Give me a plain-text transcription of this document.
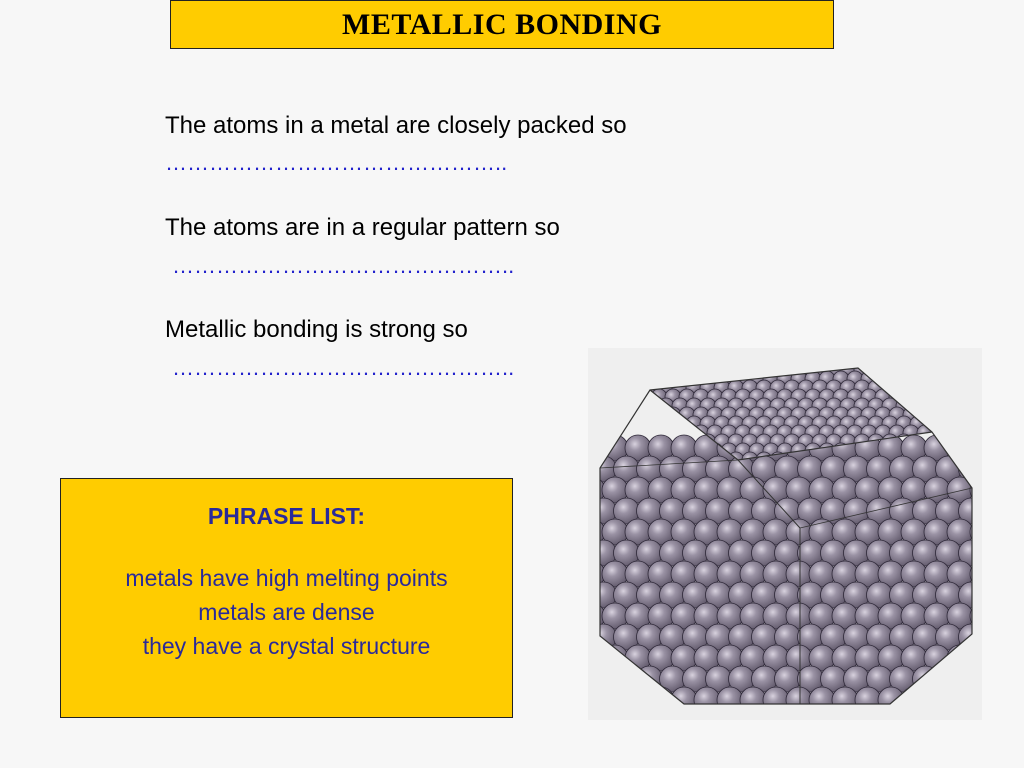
METALLIC BONDING
The atoms in a metal are closely packed so
………………………………………..
The atoms are in a regular pattern so
………………………………………..
Metallic bonding is strong so
………………………………………..
PHRASE LIST:
metals have high melting points
metals are dense
they have a crystal structure
